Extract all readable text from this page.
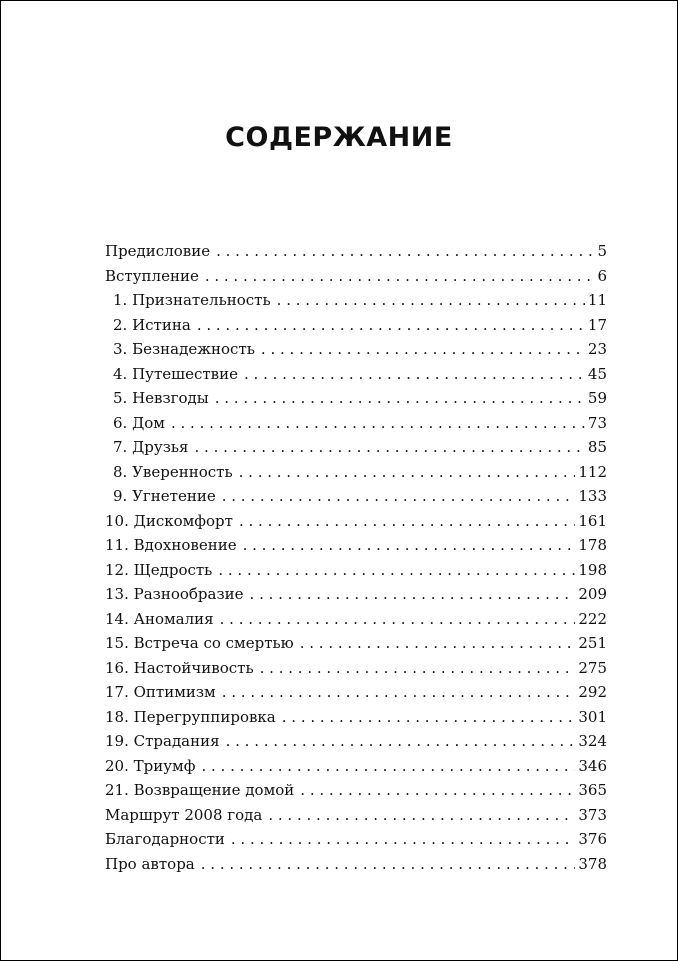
СОДЕРЖАНИЕ
Предисловие . . .	5
Вступление . . .	6
1. Признательность . . .	11
2. Истина . . .	17
3. Безнадежность . . .	23
4. Путешествие . . .	45
5. Невзгоды . . .	59
6. Дом . . .	73
7. Друзья . . .	85
8. Уверенность . . .	112
9. Угнетение . . .	133
10. Дискомфорт . . .	161
11. Вдохновение . . .	178
12. Щедрость . . .	198
13. Разнообразие . . .	209
14. Аномалия . . .	222
15. Встреча со смертью . . .	251
16. Настойчивость . . .	275
17. Оптимизм . . .	292
18. Перегруппировка . . .	301
19. Страдания . . .	324
20. Триумф . . .	346
21. Возвращение домой . . .	365
Маршрут 2008 года . . .	373
Благодарности . . .	376
Про автора . . .	378
